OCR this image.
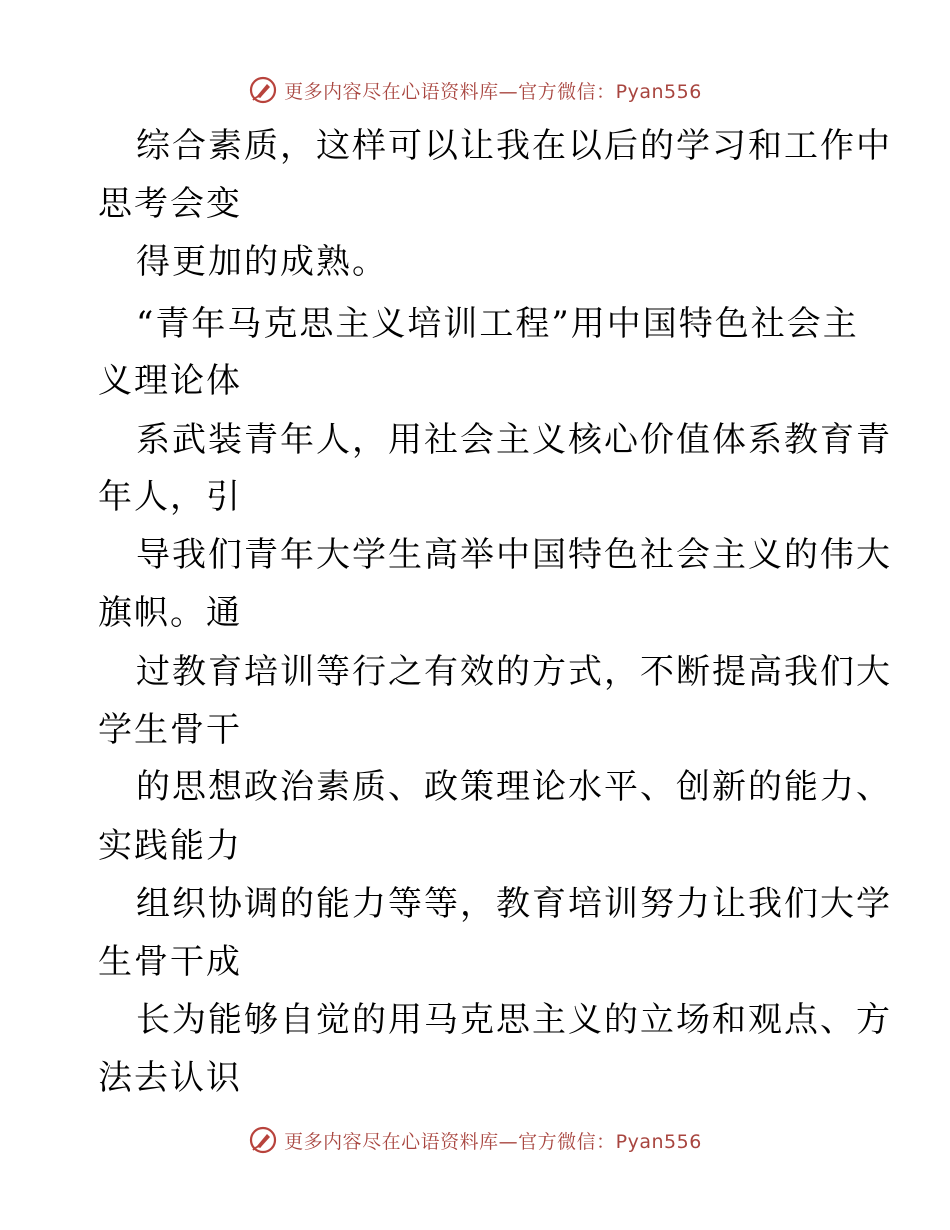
更多内容尽在心语资料库—官方微信：Pyan556
综合素质，这样可以让我在以后的学习和工作中
思考会变
得更加的成熟。
“青年马克思主义培训工程”用中国特色社会主
义理论体
系武装青年人，用社会主义核心价值体系教育青
年人，引
导我们青年大学生高举中国特色社会主义的伟大
旗帜。通
过教育培训等行之有效的方式，不断提高我们大
学生骨干
的思想政治素质、政策理论水平、创新的能力、
实践能力
组织协调的能力等等，教育培训努力让我们大学
生骨干成
长为能够自觉的用马克思主义的立场和观点、方
法去认识
更多内容尽在心语资料库—官方微信：Pyan556
